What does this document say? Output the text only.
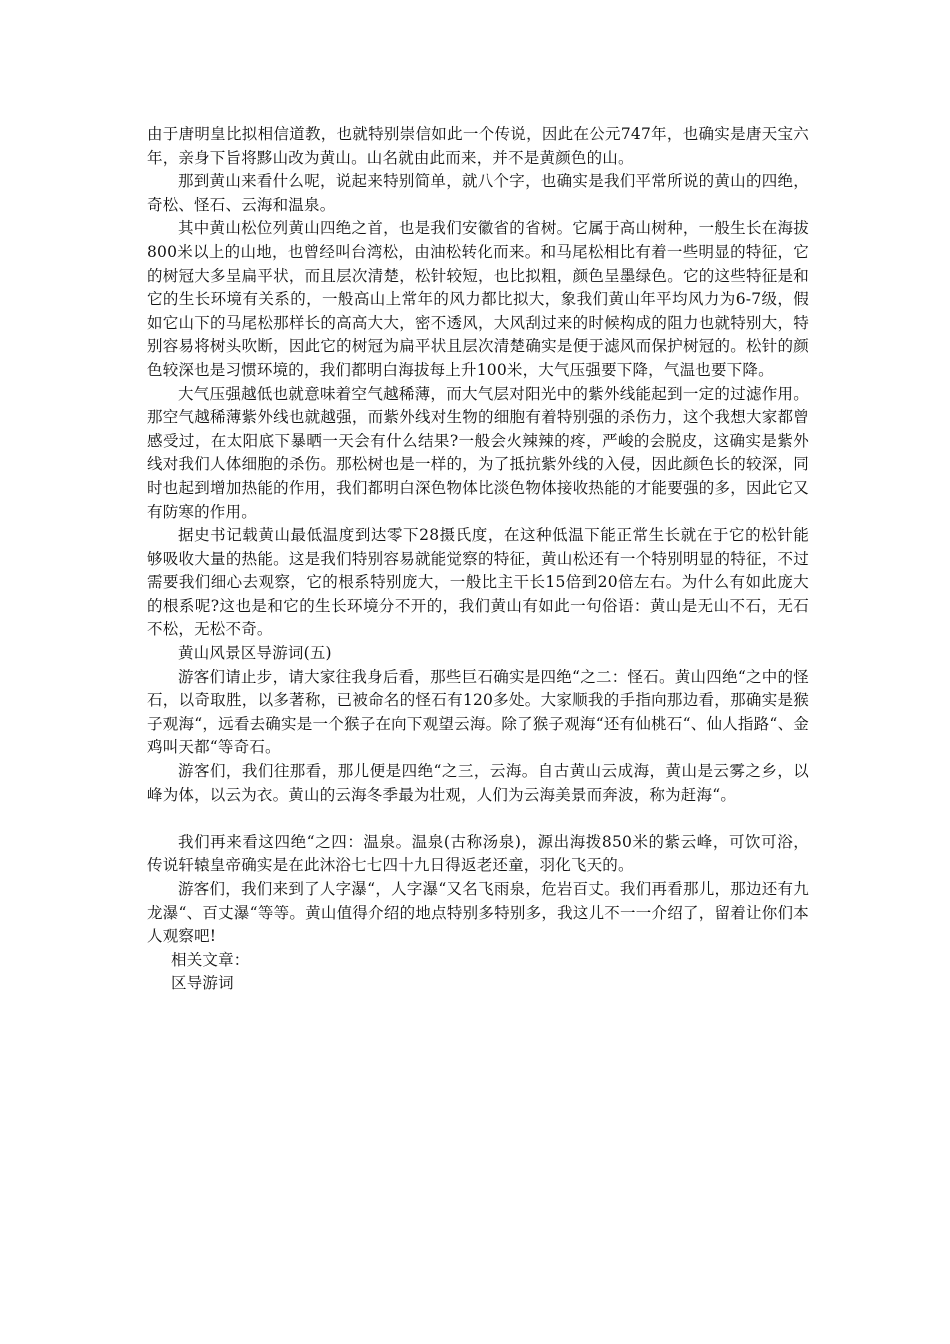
由于唐明皇比拟相信道教，也就特别崇信如此一个传说，因此在公元747年，也确实是唐天宝六年，亲身下旨将黟山改为黄山。山名就由此而来，并不是黄颜色的山。

那到黄山来看什么呢，说起来特别简单，就八个字，也确实是我们平常所说的黄山的四绝，奇松、怪石、云海和温泉。

其中黄山松位列黄山四绝之首，也是我们安徽省的省树。它属于高山树种，一般生长在海拔800米以上的山地，也曾经叫台湾松，由油松转化而来。和马尾松相比有着一些明显的特征，它的树冠大多呈扁平状，而且层次清楚，松针较短，也比拟粗，颜色呈墨绿色。它的这些特征是和它的生长环境有关系的，一般高山上常年的风力都比拟大，象我们黄山年平均风力为6-7级，假如它山下的马尾松那样长的高高大大，密不透风，大风刮过来的时候构成的阻力也就特别大，特别容易将树头吹断，因此它的树冠为扁平状且层次清楚确实是便于滤风而保护树冠的。松针的颜色较深也是习惯环境的，我们都明白海拔每上升100米，大气压强要下降，气温也要下降。

大气压强越低也就意味着空气越稀薄，而大气层对阳光中的紫外线能起到一定的过滤作用。那空气越稀薄紫外线也就越强，而紫外线对生物的细胞有着特别强的杀伤力，这个我想大家都曾感受过，在太阳底下暴晒一天会有什么结果?一般会火辣辣的疼，严峻的会脱皮，这确实是紫外线对我们人体细胞的杀伤。那松树也是一样的，为了抵抗紫外线的入侵，因此颜色长的较深，同时也起到增加热能的作用，我们都明白深色物体比淡色物体接收热能的才能要强的多，因此它又有防寒的作用。

据史书记载黄山最低温度到达零下28摄氏度，在这种低温下能正常生长就在于它的松针能够吸收大量的热能。这是我们特别容易就能觉察的特征，黄山松还有一个特别明显的特征，不过需要我们细心去观察，它的根系特别庞大，一般比主干长15倍到20倍左右。为什么有如此庞大的根系呢?这也是和它的生长环境分不开的，我们黄山有如此一句俗语：黄山是无山不石，无石不松，无松不奇。

黄山风景区导游词(五)

游客们请止步，请大家往我身后看，那些巨石确实是四绝“之二：怪石。黄山四绝“之中的怪石，以奇取胜，以多著称，已被命名的怪石有120多处。大家顺我的手指向那边看，那确实是猴子观海“，远看去确实是一个猴子在向下观望云海。除了猴子观海“还有仙桃石“、仙人指路“、金鸡叫天都“等奇石。

游客们，我们往那看，那儿便是四绝“之三，云海。自古黄山云成海，黄山是云雾之乡，以峰为体，以云为衣。黄山的云海冬季最为壮观，人们为云海美景而奔波，称为赶海“。

我们再来看这四绝“之四：温泉。温泉(古称汤泉)，源出海拨850米的紫云峰，可饮可浴，传说轩辕皇帝确实是在此沐浴七七四十九日得返老还童，羽化飞天的。

游客们，我们来到了人字瀑“，人字瀑“又名飞雨泉，危岩百丈。我们再看那儿，那边还有九龙瀑“、百丈瀑“等等。黄山值得介绍的地点特别多特别多，我这儿不一一介绍了，留着让你们本人观察吧!

相关文章：

区导游词
